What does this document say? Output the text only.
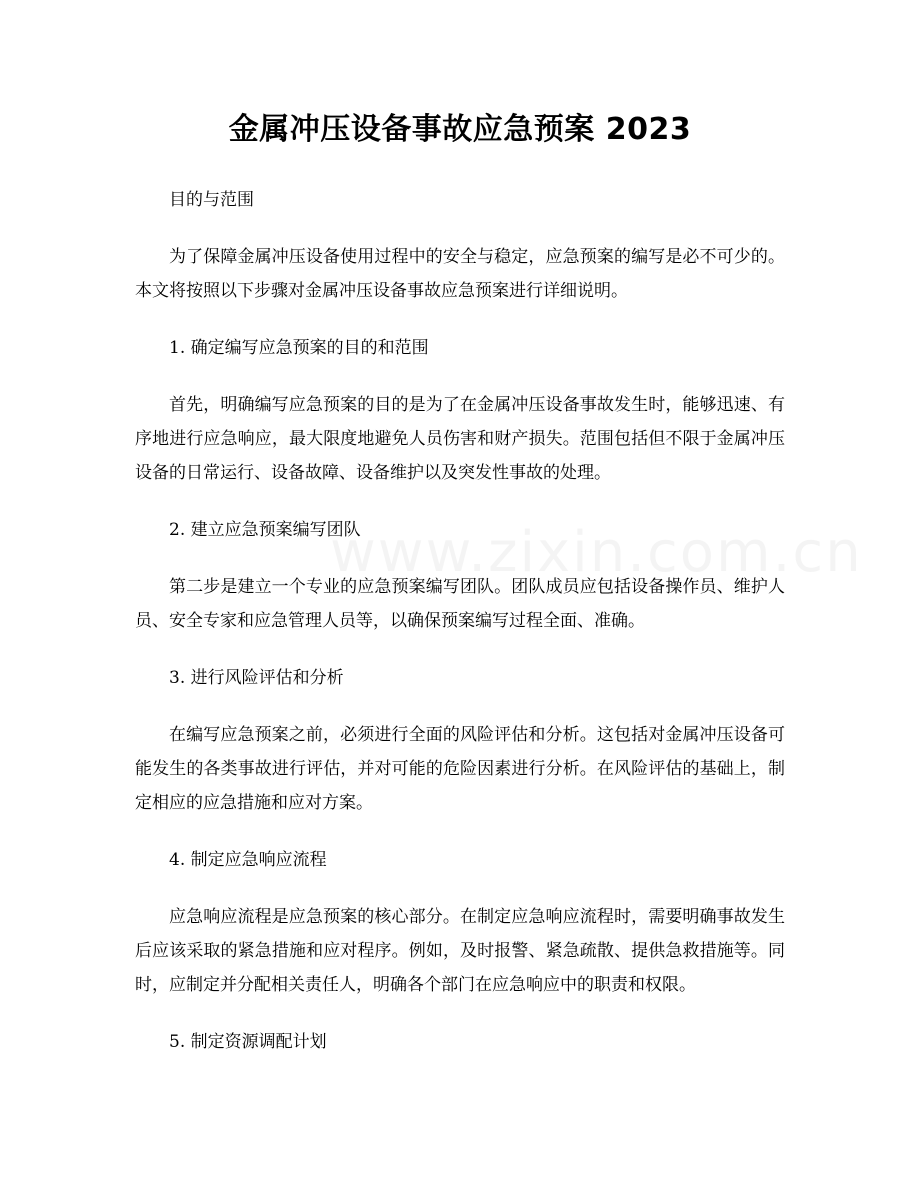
金属冲压设备事故应急预案 2023

目的与范围

为了保障金属冲压设备使用过程中的安全与稳定，应急预案的编写是必不可少的。本文将按照以下步骤对金属冲压设备事故应急预案进行详细说明。

1. 确定编写应急预案的目的和范围

首先，明确编写应急预案的目的是为了在金属冲压设备事故发生时，能够迅速、有序地进行应急响应，最大限度地避免人员伤害和财产损失。范围包括但不限于金属冲压设备的日常运行、设备故障、设备维护以及突发性事故的处理。

2. 建立应急预案编写团队

第二步是建立一个专业的应急预案编写团队。团队成员应包括设备操作员、维护人员、安全专家和应急管理人员等，以确保预案编写过程全面、准确。

3. 进行风险评估和分析

在编写应急预案之前，必须进行全面的风险评估和分析。这包括对金属冲压设备可能发生的各类事故进行评估，并对可能的危险因素进行分析。在风险评估的基础上，制定相应的应急措施和应对方案。

4. 制定应急响应流程

应急响应流程是应急预案的核心部分。在制定应急响应流程时，需要明确事故发生后应该采取的紧急措施和应对程序。例如，及时报警、紧急疏散、提供急救措施等。同时，应制定并分配相关责任人，明确各个部门在应急响应中的职责和权限。

5. 制定资源调配计划
